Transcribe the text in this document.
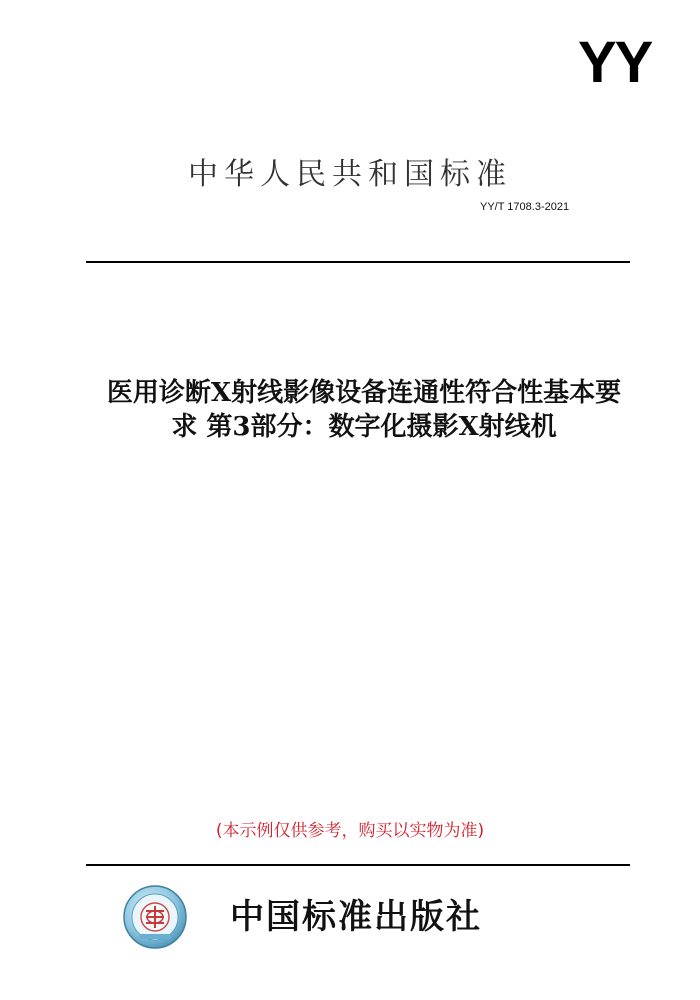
YY
中华人民共和国标准
YY/T 1708.3-2021
医用诊断X射线影像设备连通性符合性基本要
求 第3部分：数字化摄影X射线机
(本示例仅供参考，购买以实物为准)
中国标准出版社
